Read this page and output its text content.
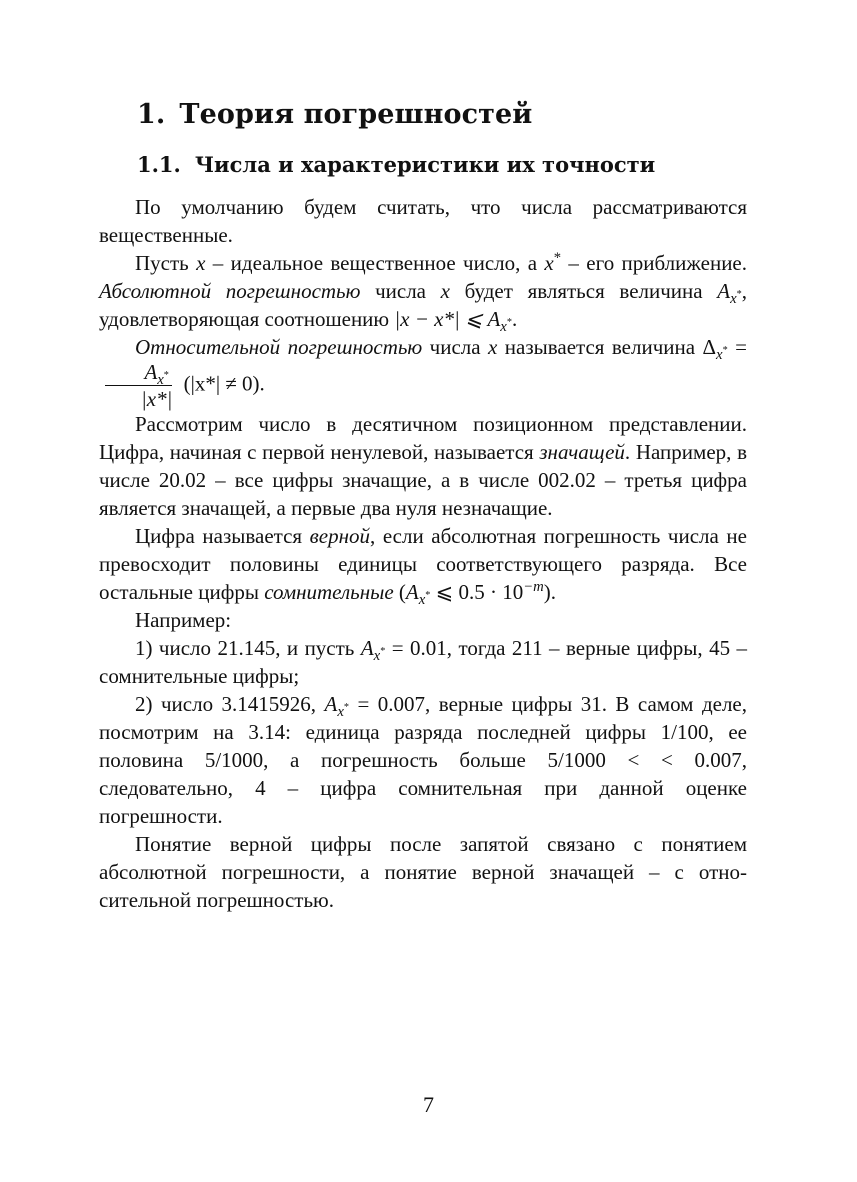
1. Теория погрешностей
1.1. Числа и характеристики их точности

По умолчанию будем считать, что числа рассматриваются вещественные.

Пусть x – идеальное вещественное число, а x* – его приближение. Абсолютной погрешностью числа x будет являться величина $A_{x^*}$, удовлетворяющая соотношению |x − x*| ⩽ $A_{x^*}$.

Относительной погрешностью числа x называется величина $\Delta_{x^*}$ =
$\frac{A_{x^*}}{|x*|} (|x*| \ne 0)$.

Рассмотрим число в десятичном позиционном представлении. Цифра, начиная с первой ненулевой, называется значащей. Например, в числе 20.02 – все цифры значащие, а в числе 002.02 – третья цифра является значащей, а первые два нуля незначащие.

Цифра называется верной, если абсолютная погрешность числа не превосходит половины единицы соответствующего разряда. Все остальные цифры сомнительные ($A_{x^*}$ ⩽ $0.5 \cdot 10^{-m}$).

Например:

1) число 21.145, и пусть $A_{x^*} = 0.01$, тогда 211 – верные цифры, 45 – сомнительные цифры;

2) число 3.1415926, $A_{x^*} = 0.007$, верные цифры 31. В самом деле, посмотрим на 3.14: единица разряда последней цифры 1/100, ее половина 5/1000, а погрешность больше 5/1000 < < 0.007, следовательно, 4 – цифра сомнительная при данной оценке погрешности.

Понятие верной цифры после запятой связано с понятием абсолютной погрешности, а понятие верной значащей – с относительной погрешностью.

7
